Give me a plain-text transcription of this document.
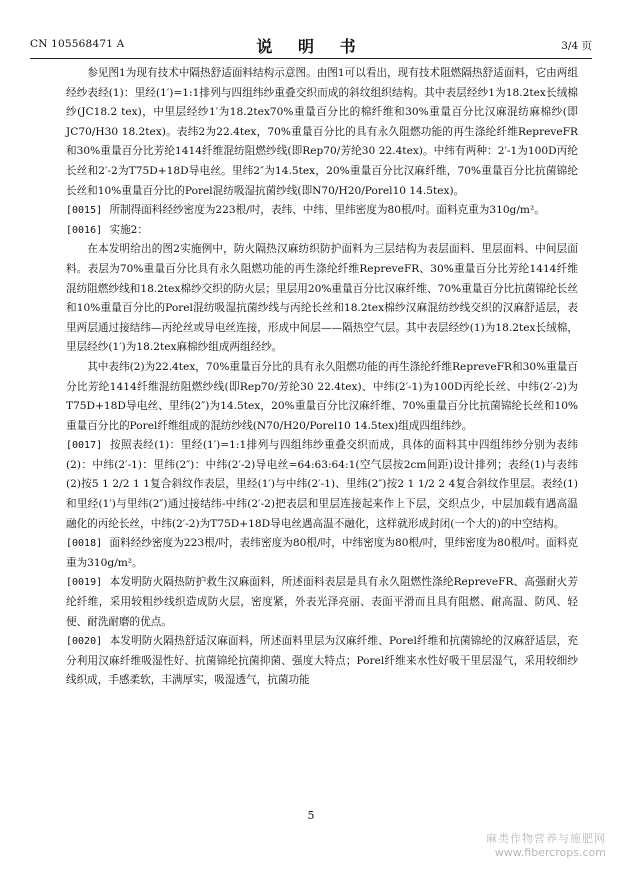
CN 105568471 A	说 明 书	3/4 页

参见图1为现有技术中隔热舒适面料结构示意图。由图1可以看出，现有技术阻燃隔热舒适面料，它由两组经纱表经(1)：里经(1′)=1:1排列与四组纬纱重叠交织而成的斜纹组织结构。其中表层经纱1为18.2tex长绒棉纱(JC18.2 tex)，中里层经纱1′为18.2tex70%重量百分比的棉纤维和30%重量百分比汉麻混纺麻棉纱(即JC70/H30 18.2tex)。表纬2为22.4tex，70%重量百分比的具有永久阻燃功能的再生涤纶纤维RepreveFR和30%重量百分比芳纶1414纤维混纺阻燃纱线(即Rep70/芳纶30 22.4tex)。中纬有两种：2′-1为100D丙纶长丝和2′-2为T75D+18D导电丝。里纬2″为14.5tex，20%重量百分比汉麻纤维，70%重量百分比抗菌锦纶长丝和10%重量百分比的Porel混纺吸湿抗菌纱线(即N70/H20/Porel10 14.5tex)。

[0015] 所制得面料经纱密度为223根/吋，表纬、中纬、里纬密度为80根/吋。面料克重为310g/m²。

[0016] 实施2：

在本发明给出的图2实施例中，防火隔热汉麻纺织防护面料为三层结构为表层面料、里层面料、中间层面料。表层为70%重量百分比具有永久阻燃功能的再生涤纶纤维RepreveFR、30%重量百分比芳纶1414纤维混纺阻燃纱线和18.2tex棉纱交织的防火层；里层用20%重量百分比汉麻纤维、70%重量百分比抗菌锦纶长丝和10%重量百分比的Porel混纺吸湿抗菌纱线与丙纶长丝和18.2tex棉纱汉麻混纺纱线交织的汉麻舒适层，表里两层通过接结纬—丙纶丝或导电丝连接，形成中间层——隔热空气层。其中表层经纱(1)为18.2tex长绒棉，里层经纱(1′)为18.2tex麻棉纱组成两组经纱。

其中表纬(2)为22.4tex，70%重量百分比的具有永久阻燃功能的再生涤纶纤维RepreveFR和30%重量百分比芳纶1414纤维混纺阻燃纱线(即Rep70/芳纶30 22.4tex)、中纬(2′-1)为100D丙纶长丝、中纬(2′-2)为T75D+18D导电丝、里纬(2″)为14.5tex，20%重量百分比汉麻纤维、70%重量百分比抗菌锦纶长丝和10%重量百分比的Porel纤维组成的混纺纱线(N70/H20/Porel10 14.5tex)组成四组纬纱。

[0017] 按照表经(1)：里经(1′)=1:1排列与四组纬纱重叠交织而成，具体的面料其中四组纬纱分别为表纬(2)：中纬(2′-1)：里纬(2″)：中纬(2′-2)导电丝=64:63:64:1(空气层按2cm间距)设计排列；表经(1)与表纬(2)按5 1 2/2 1 1复合斜纹作表层，里经(1′)与中纬(2′-1)、里纬(2″)按2 1 1/2 2 4复合斜纹作里层。表经(1)和里经(1′)与里纬(2″)通过接结纬-中纬(2′-2)把表层和里层连接起来作上下层，交织点少，中层加载有遇高温融化的丙纶长丝，中纬(2′-2)为T75D+18D导电丝遇高温不融化，这样就形成封闭(一个大的)的中空结构。

[0018] 面料经纱密度为223根/吋，表纬密度为80根/吋，中纬密度为80根/吋，里纬密度为80根/吋。面料克重为310g/m²。

[0019] 本发明防火隔热防护救生汉麻面料，所述面料表层是具有永久阻燃性涤纶RepreveFR、高强耐火芳纶纤维，采用较粗纱线织造成防火层，密度紧，外表光泽亮丽、表面平滑而且具有阻燃、耐高温、防风、轻便、耐洗耐磨的优点。

[0020] 本发明防火隔热舒适汉麻面料，所述面料里层为汉麻纤维、Porel纤维和抗菌锦纶的汉麻舒适层，充分利用汉麻纤维吸湿性好、抗菌锦纶抗菌抑菌、强度大特点；Porel纤维来水性好吸干里层湿气，采用较细纱线织成，手感柔软，丰满厚实，吸湿透气，抗菌功能

5
麻类作物营养与施肥网
www.fibercrops.com
